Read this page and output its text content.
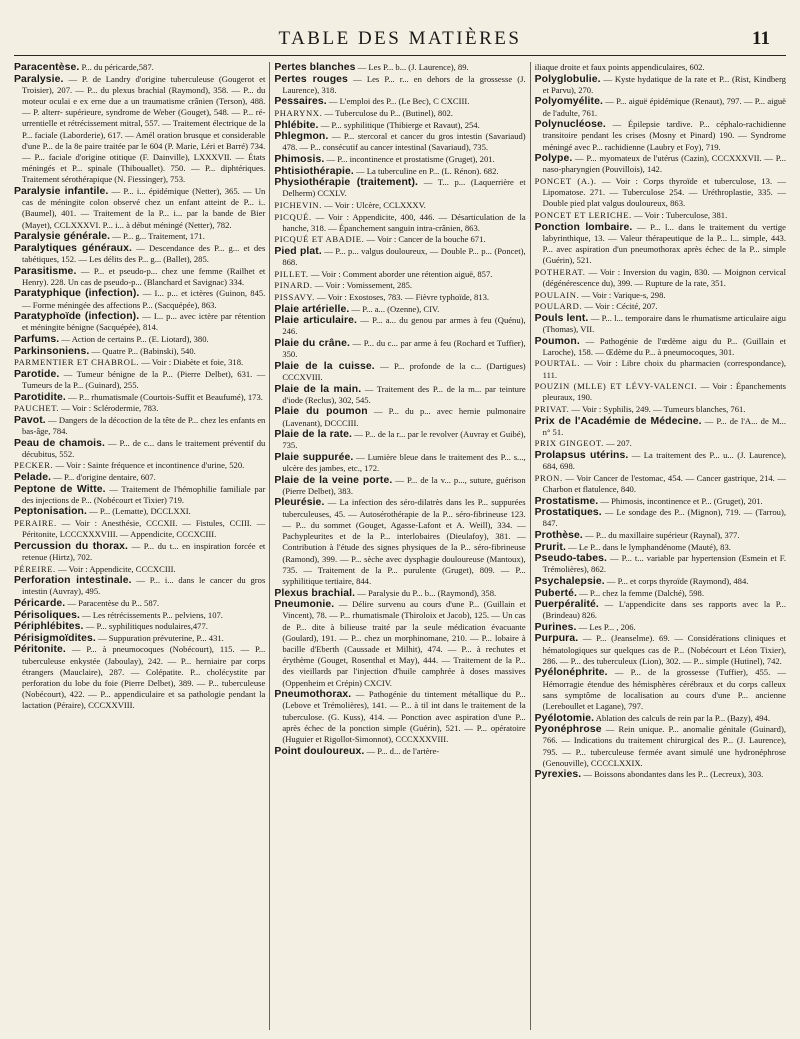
TABLE DES MATIÈRES	11

Paracentèse. P... du péricarde,587.

Paralysie. — P. de Landry d'origine tuberculeuse (Gougerot et Troisier), 207. — P... du plexus brachial (Raymond), 358. — P... du moteur oculai e ex erne due a un traumatisme crânien (Terson), 488. — P. alterr- supérieure, syndrome de Weber (Gouget), 548. — P... ré-urrentielle et rétrécissement mitral, 557. — Traitement électrique de la P... faciale (Laborderie), 617. — Amél oration brusque et considerable d'une P... de la 8e paire traitée par le 604 (P. Marie, Léri et Barré) 734. — P... faciale d'origine otitique (F. Dainville), LXXXVII. — États méningés et P... spinale (Thibouallet). 750. — P... diphtériques. Traitement sérothérapique (N. Fiessinger), 753.

Paralysie infantile. — P... i... épidémique (Netter), 365. — Un cas de méningite colon observé chez un enfant atteint de P... i.. (Baumel), 401. — Traitement de la P... i... par la bande de Bier (Mayet), CCLXXXVI. P... i... à début méningé (Netter), 782.

Paralysie générale. — P... g... Traitement, 171.

Paralytiques généraux. — Descendance des P... g... et des tabétiques, 152. — Les délits des P... g... (Ballet), 285.

Parasitisme. — P... et pseudo-p... chez une femme (Railhet et Henry). 228. Un cas de pseudo-p... (Blanchard et Savignac) 334.

Paratyphique (infection). — I... p... et ictères (Guinon, 845. — Forme méningée des affections P... (Sacquépée), 863.

Paratyphoïde (infection). — I... p... avec ictère par rétention et méningite bénigne (Sacquépée), 814.

Parfums. — Action de certains P... (E. Liotard), 380.

Parkinsoniens. — Quatre P... (Babinski), 540.

PARMENTIER ET CHABROL. — Voir : Diabète et foie, 318.

Parotide. — Tumeur bénigne de la P... (Pierre Delbet), 631. — Tumeurs de la P... (Guinard), 255.

Parotidite. — P... rhumatismale (Courtois-Suffit et Beaufumé), 173.

PAUCHET. — Voir : Sclérodermie, 783.

Pavot. — Dangers de la décoction de la tête de P... chez les enfants en bas-âge, 784.

Peau de chamois. — P... de c... dans le traitement préventif du décubitus, 552.

PECKER. — Voir : Sainte fréquence et incontinence d'urine, 520.

Pelade. — P... d'origine dentaire, 607.

Peptone de Witte. — Traitement de l'hémophilie familiale par des injections de P... (Nobécourt et Tixier) 719.

Peptonisation. — P... (Lematte), DCCLXXI.

PERAIRE. — Voir : Anesthésie, CCCXII. — Fistules, CCIII. — Péritonite, LCCCXXXVIII. — Appendicite, CCCXCIII.

Percussion du thorax. — P... du t... en inspiration forcée et retenue (Hirtz), 702.

PÉREIRE. — Voir : Appendicite, CCCXCIII.

Perforation intestinale. — P... i... dans le cancer du gros intestin (Auvray), 495.

Péricarde. — Paracentèse du P... 587.

Périsoliques. — Les rétrécissements P... pelviens, 107.

Périphlébites. — P... syphilitiques nodulaires,477.

Périsigmoïdites. — Suppuration prévuterine, P... 431.

Péritonite. — P... à pneumocoques (Nobécourt), 115. — P... tuberculeuse enkystée (Jaboulay), 242. — P... herniaire par corps étrangers (Mauclaire), 287. — Colépatite. P... cholécystite par perforation du lobe du foie (Pierre Delbet), 389. — P... tuberculeuse (Nobécourt), 422. — P... appendiculaire et sa pathologie pendant la lactation (Péraire), CCCXXVIII.

Pertes blanches — Les P... b... (J. Laurence), 89.

Pertes rouges — Les P... r... en dehors de la grossesse (J. Laurence), 318.

Pessaires. — L'emploi des P... (Le Bec), C CXCIII.

PHARYNX. — Tuberculose du P... (Butinel), 802.

Phlébite. — P... syphilitique (Thibierge et Ravaut), 254.

Phlegmon. — P... stercoral et cancer du gros intestin (Savariaud) 478. — P... consécutif au cancer intestinal (Savariaud), 735.

Phimosis. — P... incontinence et prostatisme (Gruget), 201.

Phtisiothérapie. — La tuberculine en P... (L. Rénon). 682.

Physiothérapie (traitement). — T... p... (Laquerrière et Delherm) CCXLV.

PICHEVIN. — Voir : Ulcère, CCLXXXV.

PICQUÉ. — Voir : Appendicite, 400, 446. — Désarticulation de la hanche, 318. — Épanchement sanguin intra-crânien, 863.

PICQUÉ ET ABADIE. — Voir : Cancer de la bouche 671.

Pied plat. — P... p... valgus douloureux, — Double P... p... (Poncet), 868.

PILLET. — Voir : Comment aborder une rétention aiguë, 857.

PINARD. — Voir : Vomissement, 285.

PISSAVY. — Voir : Exostoses, 783. — Fièvre typhoïde, 813.

Plaie artérielle. — P... a... (Ozenne), CIV.

Plaie articulaire. — P... a... du genou par armes à feu (Quénu), 246.

Plaie du crâne. — P... du c... par arme à feu (Rochard et Tuffier), 350.

Plaie de la cuisse. — P... profonde de la c... (Dartigues) CCCXVIII.

Plaie de la main. — Traitement des P... de la m... par teinture d'iode (Reclus), 302, 545.

Plaie du poumon — P... du p... avec hernie pulmonaire (Lavenant), DCCCIII.

Plaie de la rate. — P... de la r... par le revolver (Auvray et Guibé), 735.

Plaie suppurée. — Lumière bleue dans le traitement des P... s..., ulcère des jambes, etc., 172.

Plaie de la veine porte. — P... de la v... p..., suture, guérison (Pierre Delbet), 383.

Pleurésie. — La infection des séro-dilatrès dans les P... suppurées tuberculeuses, 45. — Autosérothérapie de la P... séro-fibrineuse 123. — P... du sommet (Gouget, Agasse-Lafont et A. Weill), 334. — Pachypleurites et de la P... interlobaires (Dieulafoy), 381. — Contribution à l'étude des signes physiques de la P... séro-fibrineuse (Ramond), 399. — P... sèche avec dysphagie douloureuse (Mantoux), 735. — Traitement de la P... purulente (Gruget), 809. — P... syphilitique tertiaire, 844.

Plexus brachial. — Paralysie du P... b... (Raymond), 358.

Pneumonie. — Délire survenu au cours d'une P... (Guillain et Vincent), 78. — P... rhumatismale (Thiroloix et Jacob), 125. — Un cas de P... dite à bilieuse traité par la seule médication évacuante (Goulard), 191. — P... chez un morphinomane, 210. — P... lobaire à bacille d'Eberth (Caussade et Milhit), 474. — P... à rechutes et érythème (Gouget, Rosenthal et May), 444. — Traitement de la P... des vieillards par l'injection d'huile camphrée à doses massives (Oppenheim et Crépin) CXCIV.

Pneumothorax. — Pathogénie du tintement métallique du P... (Lebove et Trémolières), 141. — P... à til int dans le traitement de la tuberculose. (G. Kuss), 414. — Ponction avec aspiration d'une P... après échec de la ponction simple (Guérin), 521. — P... opératoire (Huguier et Rigollot-Simonnot), CCCXXXVIII.

Point douloureux. — P... d... de l'artère-

iliaque droite et faux points appendiculaires, 602.

Polyglobulie. — Kyste hydatique de la rate et P... (Rist, Kindberg et Parvu), 270.

Polyomyélite. — P... aiguë épidémique (Renaut), 797. — P... aiguë de l'adulte, 761.

Polynucléose. — Épilepsie tardive. P... céphalo-rachidienne transitoire pendant les crises (Mosny et Pinard) 190. — Syndrome méningé avec P... rachidienne (Laubry et Foy), 719.

Polype. — P... myomateux de l'utérus (Cazin), CCCXXXVII. — P... naso-pharyngien (Pouvillois), 142.

PONCET (A.). — Voir : Corps thyroïde et tuberculose, 13. — Lipomatose. 271. — Tuberculose 254. — Uréthroplastie, 335. — Double pied plat valgus douloureux, 863.

PONCET ET LERICHE. — Voir : Tuberculose, 381.

Ponction lombaire. — P... l... dans le traitement du vertige labyrinthique, 13. — Valeur thérapeutique de la P... l... simple, 443. P... avec aspiration d'un pneumothorax après échec de la P... simple (Guérin), 521.

POTHERAT. — Voir : Inversion du vagin, 830. — Moignon cervical (dégénérescence du), 399. — Rupture de la rate, 351.

POULAIN. — Voir : Varique-s, 298.

POULARD. — Voir : Cécité, 207.

Pouls lent. — P... l... temporaire dans le rhumatisme articulaire aigu (Thomas), VII.

Poumon. — Pathogénie de l'œdème aigu du P... (Guillain et Laroche), 158. — Œdème du P... à pneumocoques, 301.

POURTAL. — Voir : Libre choix du pharmacien (correspondance), 111.

POUZIN (MLLE) ET LÉVY-VALENCI. — Voir : Épanchements pleuraux, 190.

PRIVAT. — Voir : Syphilis, 249. — Tumeurs blanches, 761.

Prix de l'Académie de Médecine. — P... de l'A... de M... n° 51.

PRIX GINGEOT. — 207.

Prolapsus utérins. — La traitement des P... u... (J. Laurence), 684, 698.

PRON. — Voir Cancer de l'estomac, 454. — Cancer gastrique, 214. — Charbon et flatulence, 840.

Prostatisme. — Phimosis, incontinence et P... (Gruget), 201.

Prostatiques. — Le sondage des P... (Mignon), 719. — (Tarrou), 847.

Prothèse. — P... du maxillaire supérieur (Raynal), 377.

Prurit. — Le P... dans le lymphandénome (Mauté), 83.

Pseudo-tabes. — P... t... variable par hypertension (Esmein et F. Trémolières), 862.

Psychalepsie. — P... et corps thyroïde (Raymond), 484.

Puberté. — P... chez la femme (Dalché), 598.

Puerpéralité. — L'appendicite dans ses rapports avec la P... (Brindeau) 826.

Purines. — Les P... , 206.

Purpura. — P... (Jeanselme). 69. — Considérations cliniques et hématologiques sur quelques cas de P... (Nobécourt et Léon Tixier), 286. — P... des tuberculeux (Lion), 302. — P... simple (Hutinel), 742.

Pyélonéphrite. — P... de la grossesse (Tuffier), 455. — Hémorragie étendue des hémisphères cérébraux et du corps calleux sans symptôme de localisation au cours d'une P... ancienne (Lereboullet et Lagane), 797.

Pyélotomie. Ablation des calculs de rein par la P... (Bazy), 494.

Pyonéphrose — Rein unique. P... anomalie génitale (Guinard), 766. — Indications du traitement chirurgical des P... (J. Laurence), 795. — P... tuberculeuse fermée avant simulé une hydronéphrose (Genouville), CCCCLXXIX.

Pyrexies. — Boissons abondantes dans les P... (Lecreux), 303.
